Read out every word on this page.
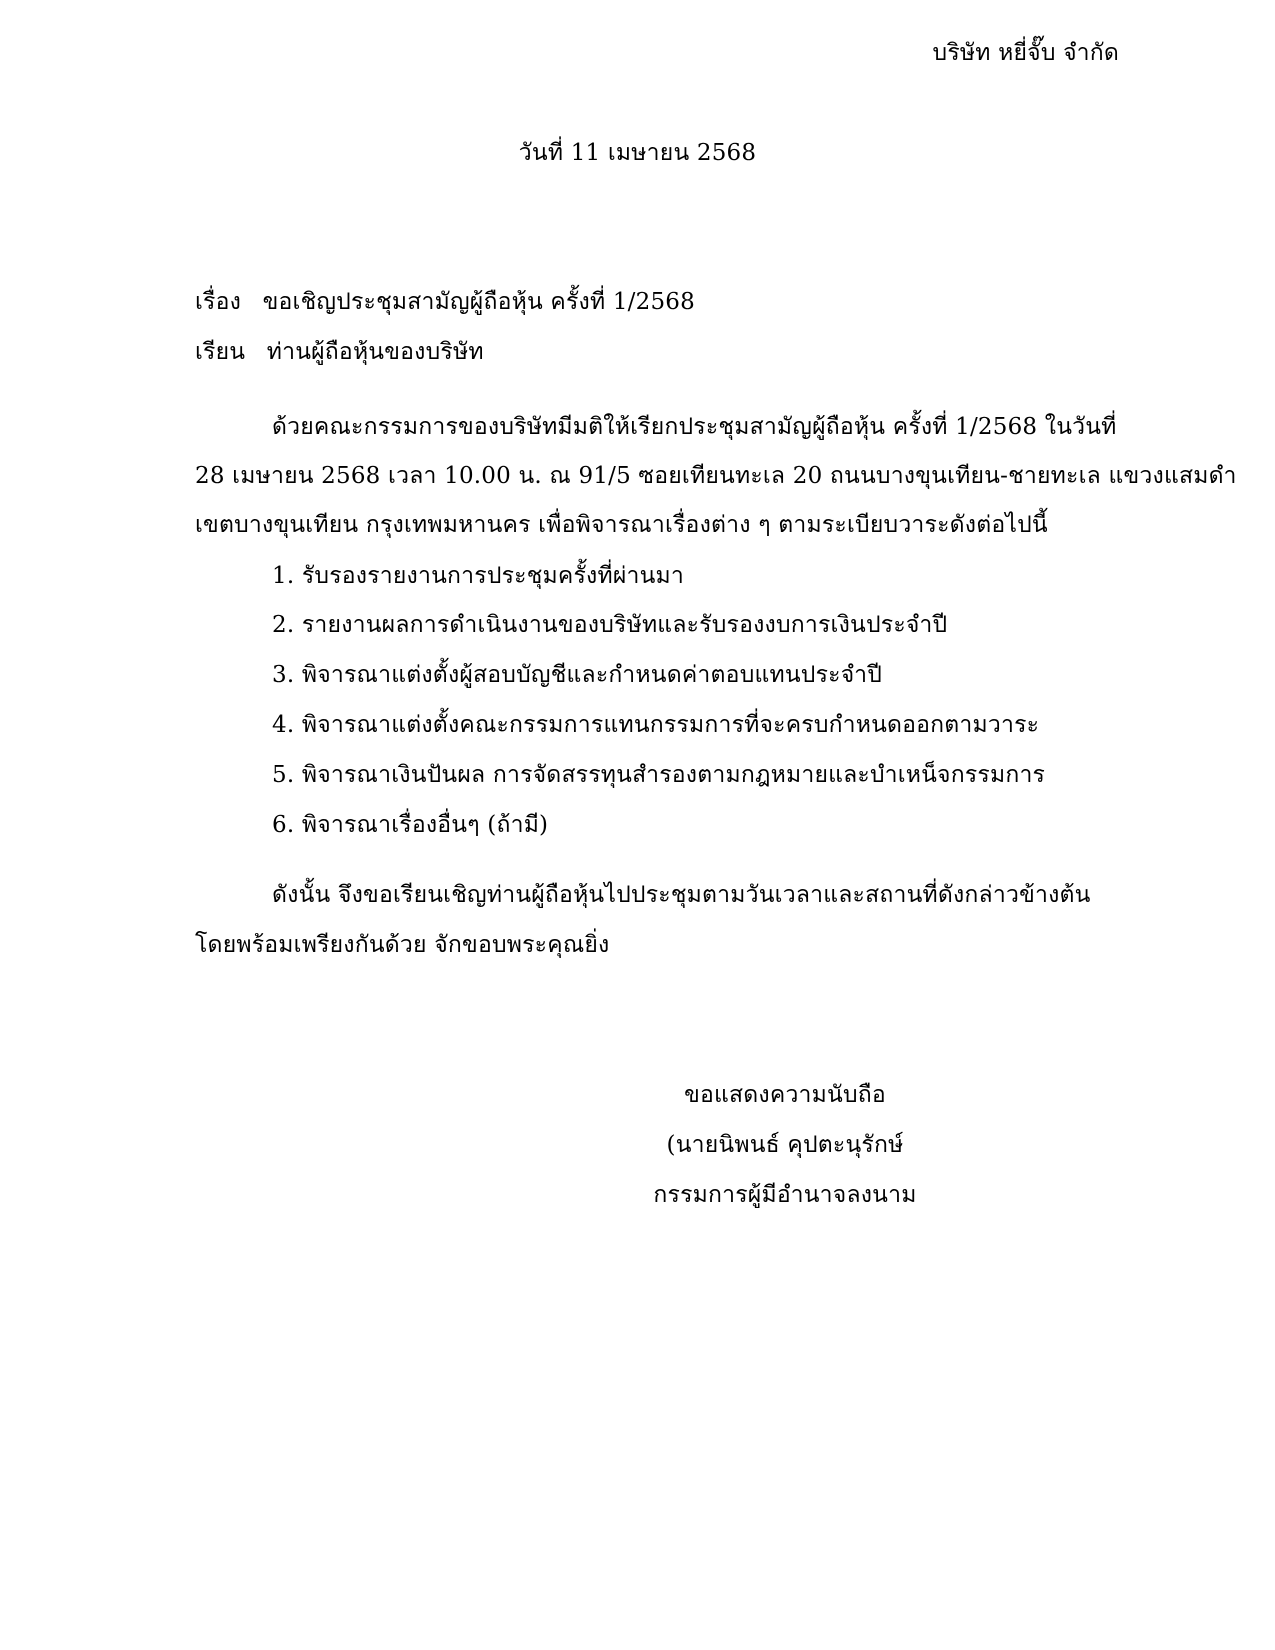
บริษัท หยี่จั๊บ จำกัด
วันที่ 11 เมษายน 2568
เรื่อง ขอเชิญประชุมสามัญผู้ถือหุ้น ครั้งที่ 1/2568
เรียน ท่านผู้ถือหุ้นของบริษัท
ด้วยคณะกรรมการของบริษัทมีมติให้เรียกประชุมสามัญผู้ถือหุ้น ครั้งที่ 1/2568 ในวันที่
28 เมษายน 2568 เวลา 10.00 น. ณ 91/5 ซอยเทียนทะเล 20 ถนนบางขุนเทียน-ชายทะเล แขวงแสมดำ
เขตบางขุนเทียน กรุงเทพมหานคร เพื่อพิจารณาเรื่องต่าง ๆ ตามระเบียบวาระดังต่อไปนี้
1. รับรองรายงานการประชุมครั้งที่ผ่านมา
2. รายงานผลการดำเนินงานของบริษัทและรับรองงบการเงินประจำปี
3. พิจารณาแต่งตั้งผู้สอบบัญชีและกำหนดค่าตอบแทนประจำปี
4. พิจารณาแต่งตั้งคณะกรรมการแทนกรรมการที่จะครบกำหนดออกตามวาระ
5. พิจารณาเงินปันผล การจัดสรรทุนสำรองตามกฎหมายและบำเหน็จกรรมการ
6. พิจารณาเรื่องอื่นๆ (ถ้ามี)
ดังนั้น จึงขอเรียนเชิญท่านผู้ถือหุ้นไปประชุมตามวันเวลาและสถานที่ดังกล่าวข้างต้น
โดยพร้อมเพรียงกันด้วย จักขอบพระคุณยิ่ง
ขอแสดงความนับถือ
(นายนิพนธ์ คุปตะนุรักษ์
กรรมการผู้มีอำนาจลงนาม
